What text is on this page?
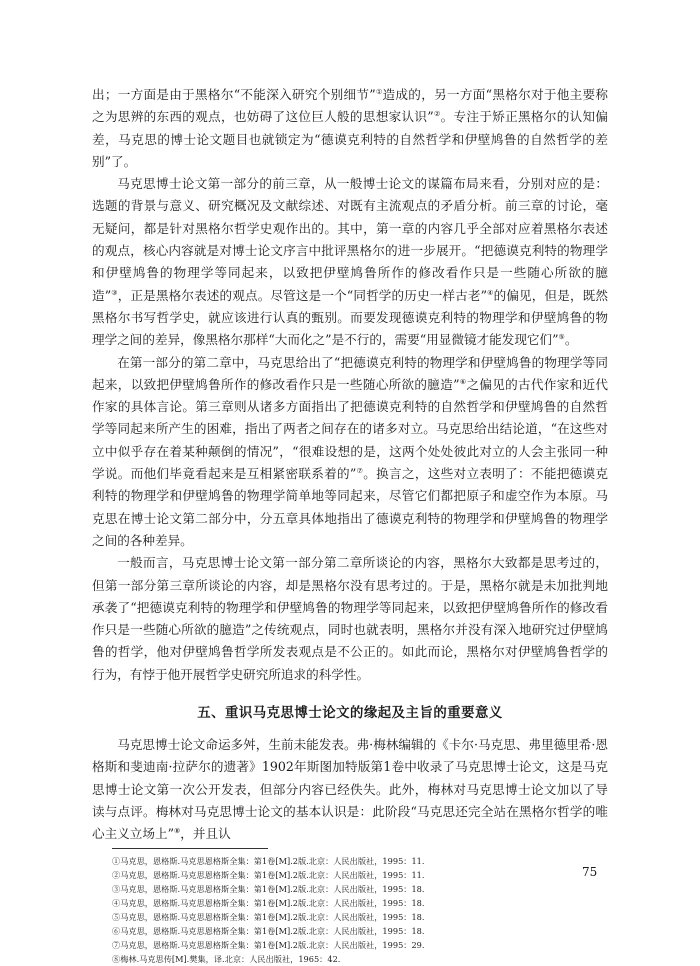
出；一方面是由于黑格尔“不能深入研究个别细节”①造成的，另一方面“黑格尔对于他主要称之为思辨的东西的观点，也妨碍了这位巨人般的思想家认识”②。专注于矫正黑格尔的认知偏差，马克思的博士论文题目也就锁定为“德谟克利特的自然哲学和伊壁鸠鲁的自然哲学的差别”了。

马克思博士论文第一部分的前三章，从一般博士论文的谋篇布局来看，分别对应的是：选题的背景与意义、研究概况及文献综述、对既有主流观点的矛盾分析。前三章的讨论，毫无疑问，都是针对黑格尔哲学史观作出的。其中，第一章的内容几乎全部对应着黑格尔表述的观点，核心内容就是对博士论文序言中批评黑格尔的进一步展开。“把德谟克利特的物理学和伊壁鸠鲁的物理学等同起来，以致把伊壁鸠鲁所作的修改看作只是一些随心所欲的臆造”③，正是黑格尔表述的观点。尽管这是一个“同哲学的历史一样古老”④的偏见，但是，既然黑格尔书写哲学史，就应该进行认真的甄别。而要发现德谟克利特的物理学和伊壁鸠鲁的物理学之间的差异，像黑格尔那样“大而化之”是不行的，需要“用显微镜才能发现它们”⑤。

在第一部分的第二章中，马克思给出了“把德谟克利特的物理学和伊壁鸠鲁的物理学等同起来，以致把伊壁鸠鲁所作的修改看作只是一些随心所欲的臆造”⑥之偏见的古代作家和近代作家的具体言论。第三章则从诸多方面指出了把德谟克利特的自然哲学和伊壁鸠鲁的自然哲学等同起来所产生的困难，指出了两者之间存在的诸多对立。马克思给出结论道，“在这些对立中似乎存在着某种颠倒的情况”，“很难设想的是，这两个处处彼此对立的人会主张同一种学说。而他们毕竟看起来是互相紧密联系着的”⑦。换言之，这些对立表明了：不能把德谟克利特的物理学和伊壁鸠鲁的物理学简单地等同起来，尽管它们都把原子和虚空作为本原。马克思在博士论文第二部分中，分五章具体地指出了德谟克利特的物理学和伊壁鸠鲁的物理学之间的各种差异。

一般而言，马克思博士论文第一部分第二章所谈论的内容，黑格尔大致都是思考过的，但第一部分第三章所谈论的内容，却是黑格尔没有思考过的。于是，黑格尔就是未加批判地承袭了“把德谟克利特的物理学和伊壁鸠鲁的物理学等同起来，以致把伊壁鸠鲁所作的修改看作只是一些随心所欲的臆造”之传统观点，同时也就表明，黑格尔并没有深入地研究过伊壁鸠鲁的哲学，他对伊壁鸠鲁哲学所发表观点是不公正的。如此而论，黑格尔对伊壁鸠鲁哲学的行为，有悖于他开展哲学史研究所追求的科学性。

五、重识马克思博士论文的缘起及主旨的重要意义

马克思博士论文命运多舛，生前未能发表。弗·梅林编辑的《卡尔·马克思、弗里德里希·恩格斯和斐迪南·拉萨尔的遗著》1902年斯图加特版第1卷中收录了马克思博士论文，这是马克思博士论文第一次公开发表，但部分内容已经佚失。此外，梅林对马克思博士论文加以了导读与点评。梅林对马克思博士论文的基本认识是：此阶段“马克思还完全站在黑格尔哲学的唯心主义立场上”⑧，并且认

①马克思，恩格斯.马克思恩格斯全集：第1卷[M].2版.北京：人民出版社，1995：11.
②马克思，恩格斯.马克思恩格斯全集：第1卷[M].2版.北京：人民出版社，1995：11.
③马克思，恩格斯.马克思恩格斯全集：第1卷[M].2版.北京：人民出版社，1995：18.
④马克思，恩格斯.马克思恩格斯全集：第1卷[M].2版.北京：人民出版社，1995：18.
⑤马克思，恩格斯.马克思恩格斯全集：第1卷[M].2版.北京：人民出版社，1995：18.
⑥马克思，恩格斯.马克思恩格斯全集：第1卷[M].2版.北京：人民出版社，1995：18.
⑦马克思，恩格斯.马克思恩格斯全集：第1卷[M].2版.北京：人民出版社，1995：29.
⑧梅林.马克思传[M].樊集，译.北京：人民出版社，1965：42.
75
